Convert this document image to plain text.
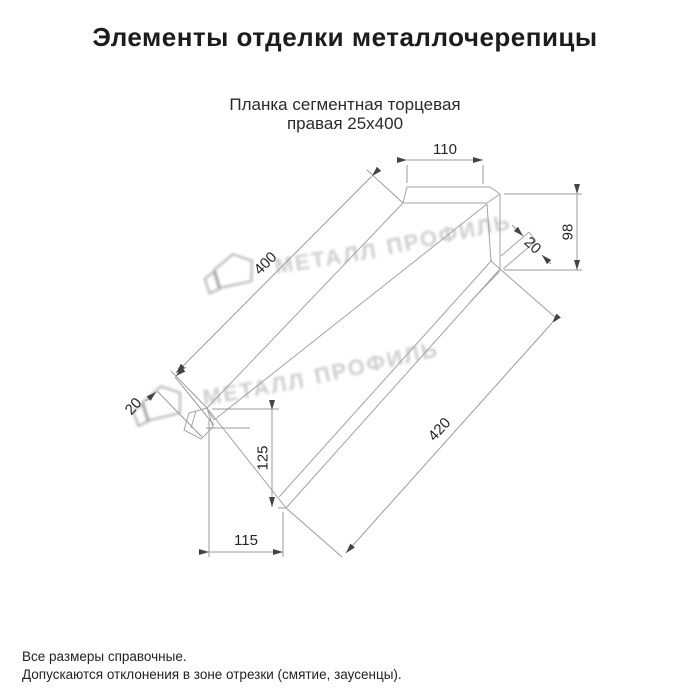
Элементы отделки металлочерепицы
Планка сегментная торцевая
правая 25х400
МЕТАЛЛ ПРОФИЛЬ
МЕТАЛЛ ПРОФИЛЬ
110
98
20
400
20
125
115
420
Все размеры справочные.
Допускаются отклонения в зоне отрезки (смятие, заусенцы).
